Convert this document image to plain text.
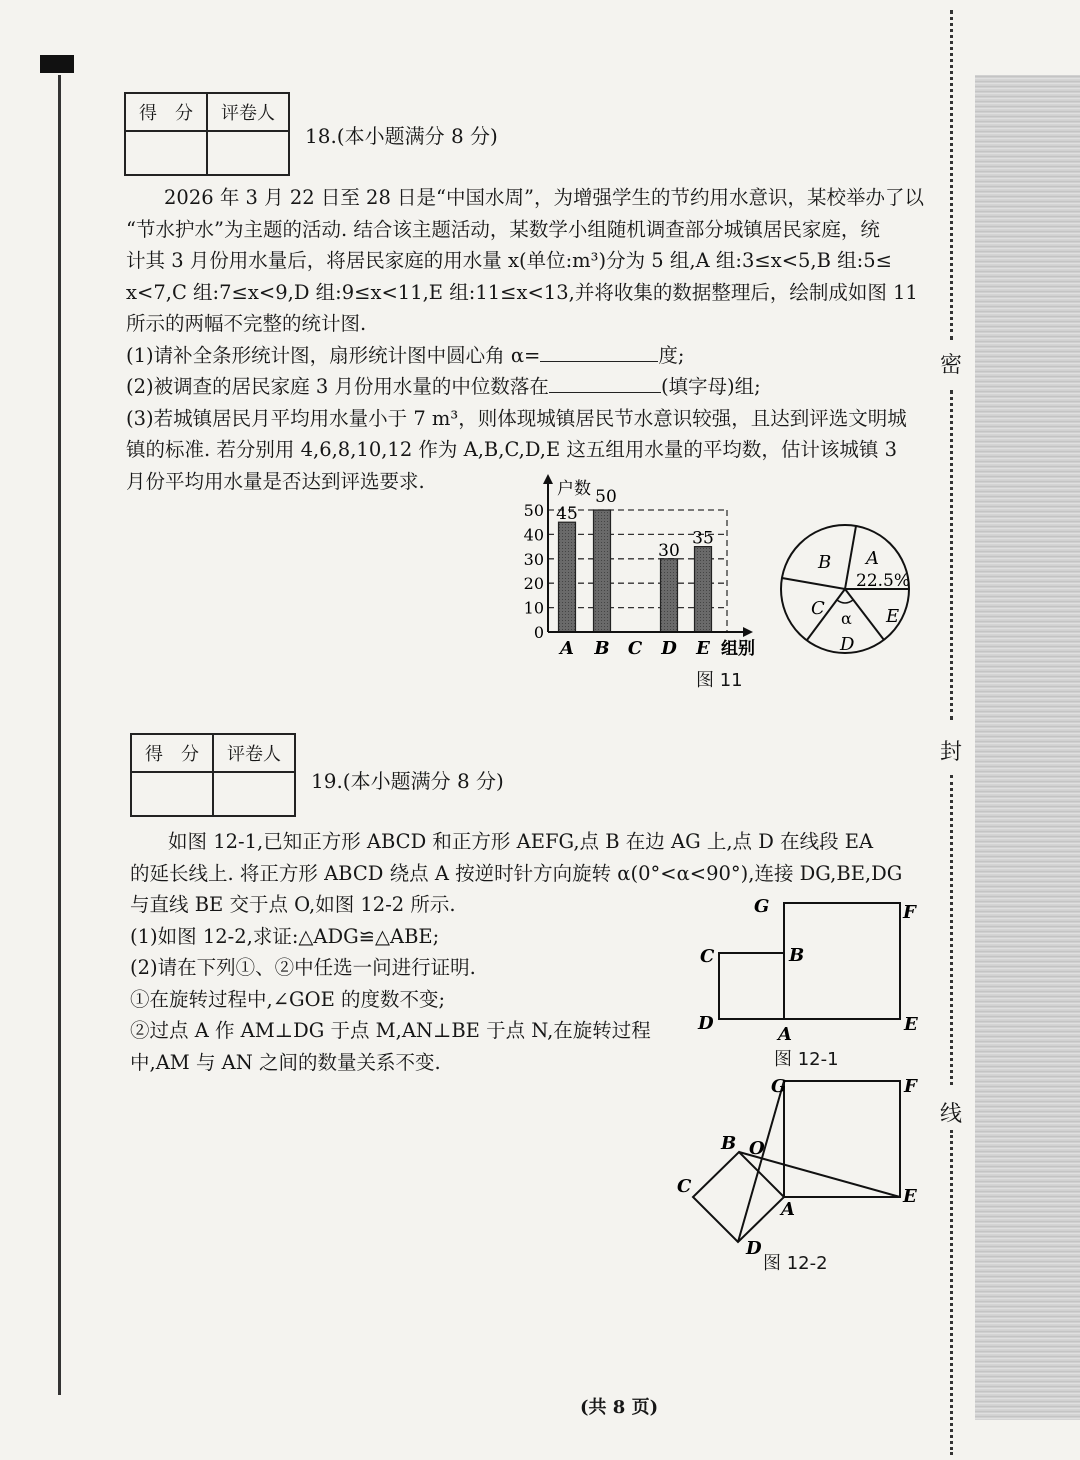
密
封
线
得　分	评卷人

18.(本小题满分 8 分)

2026 年 3 月 22 日至 28 日是“中国水周”，为增强学生的节约用水意识，某校举办了以

“节水护水”为主题的活动. 结合该主题活动，某数学小组随机调查部分城镇居民家庭，统

计其 3 月份用水量后，将居民家庭的用水量 x(单位:m³)分为 5 组,A 组:3≤x<5,B 组:5≤

x<7,C 组:7≤x<9,D 组:9≤x<11,E 组:11≤x<13,并将收集的数据整理后，绘制成如图 11

所示的两幅不完整的统计图.

(1)请补全条形统计图，扇形统计图中圆心角 α=	度;

(2)被调查的居民家庭 3 月份用水量的中位数落在	(填字母)组;

(3)若城镇居民月平均用水量小于 7 m³，则体现城镇居民节水意识较强，且达到评选文明城

镇的标准. 若分别用 4,6,8,10,12 作为 A,B,C,D,E 这五组用水量的平均数，估计该城镇 3

月份平均用水量是否达到评选要求.	户数
组别
0
10
20
30
40
50
A B C D E
45
50
30
35
A
22.5%
B
C
D
α E
图 11
得　分	评卷人

19.(本小题满分 8 分)

如图 12-1,已知正方形 ABCD 和正方形 AEFG,点 B 在边 AG 上,点 D 在线段 EA

的延长线上. 将正方形 ABCD 绕点 A 按逆时针方向旋转 α(0°<α<90°),连接 DG,BE,DG

与直线 BE 交于点 O,如图 12-2 所示.

(1)如图 12-2,求证:△ADG≌△ABE;

(2)请在下列①、②中任选一问进行证明.

①在旋转过程中,∠GOE 的度数不变;

②过点 A 作 AM⊥DG 于点 M,AN⊥BE 于点 N,在旋转过程

中,AM 与 AN 之间的数量关系不变.

G	F
C	B
D
A	E
图 12-1
G	F
B O
C	E
A
D
图 12-2
(共 8 页)
